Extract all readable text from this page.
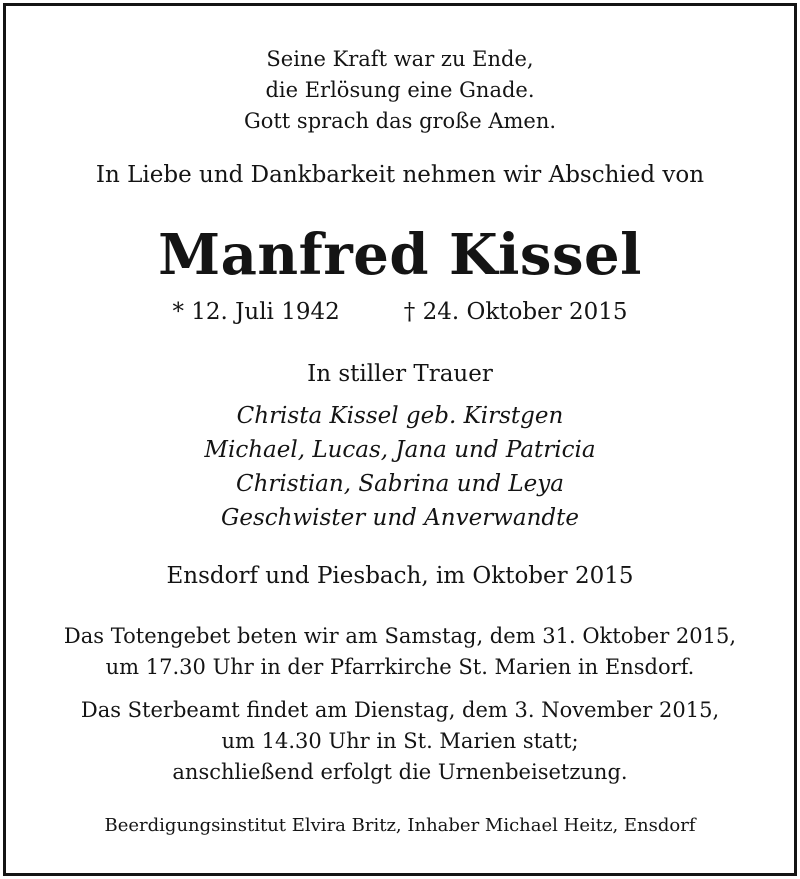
Seine Kraft war zu Ende,
die Erlösung eine Gnade.
Gott sprach das große Amen.
In Liebe und Dankbarkeit nehmen wir Abschied von
Manfred Kissel
* 12. Juli 1942	† 24. Oktober 2015
In stiller Trauer
Christa Kissel geb. Kirstgen
Michael, Lucas, Jana und Patricia
Christian, Sabrina und Leya
Geschwister und Anverwandte
Ensdorf und Piesbach, im Oktober 2015
Das Totengebet beten wir am Samstag, dem 31. Oktober 2015,
um 17.30 Uhr in der Pfarrkirche St. Marien in Ensdorf.
Das Sterbeamt findet am Dienstag, dem 3. November 2015,
um 14.30 Uhr in St. Marien statt;
anschließend erfolgt die Urnenbeisetzung.
Beerdigungsinstitut Elvira Britz, Inhaber Michael Heitz, Ensdorf
